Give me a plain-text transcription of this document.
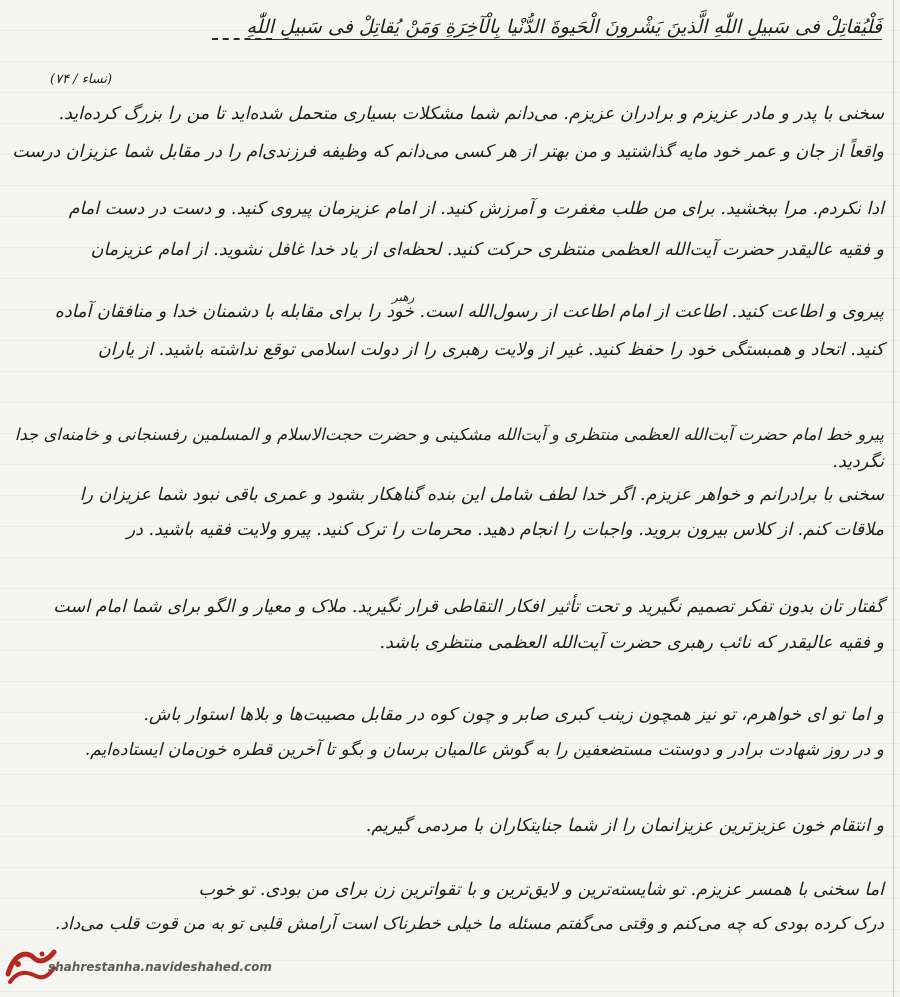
فَلْیُقاتِلْ فی سَبیلِ اللّٰهِ الَّذینَ یَشْرونَ الْحَیوةَ الدُّنْیا بِالْآخِرَةِ وَمَنْ یُقاتِلْ فی سَبیلِ اللّٰهِ
(نساء / ۷۴)
سخنی با پدر و مادر عزیزم و برادران عزیزم. می‌دانم شما مشکلات بسیاری متحمل شده‌اید تا من را بزرگ کرده‌اید.
واقعاً از جان و عمر خود مایه گذاشتید و من بهتر از هر کسی می‌دانم که وظیفه فرزندی‌ام را در مقابل شما عزیزان درست
ادا نکردم. مرا ببخشید. برای من طلب مغفرت و آمرزش کنید. از امام عزیزمان پیروی کنید. و دست در دست امام
و فقیه عالیقدر حضرت آیت‌الله العظمی منتظری حرکت کنید. لحظه‌ای از یاد خدا غافل نشوید. از امام عزیزمان
رهبر
پیروی و اطاعت کنید. اطاعت از امام اطاعت از رسول‌الله است. خود را برای مقابله با دشمنان خدا و منافقان آماده
کنید. اتحاد و همبستگی خود را حفظ کنید. غیر از ولایت رهبری را از دولت اسلامی توقع نداشته باشید. از یاران
پیرو خط امام حضرت آیت‌الله العظمی منتظری و آیت‌الله مشکینی و حضرت حجت‌الاسلام و المسلمین رفسنجانی و خامنه‌ای جدا
نگردید.
سخنی با برادرانم و خواهر عزیزم. اگر خدا لطف شامل این بنده گناهکار بشود و عمری باقی نبود شما عزیزان را
ملاقات کنم. از کلاس بیرون بروید. واجبات را انجام دهید. محرمات را ترک کنید. پیرو ولایت فقیه باشید. در
گفتار تان بدون تفکر تصمیم نگیرید و تحت تأثیر افکار التقاطی قرار نگیرید. ملاک و معیار و الگو برای شما امام است
و فقیه عالیقدر که نائب رهبری حضرت آیت‌الله العظمی منتظری باشد.
و اما تو ای خواهرم، تو نیز همچون زینب کبری صابر و چون کوه در مقابل مصیبت‌ها و بلاها استوار باش.
و در روز شهادت برادر و دوستت مستضعفین را به گوش عالمیان برسان و بگو تا آخرین قطره خون‌مان ایستاده‌ایم.
و انتقام خون عزیزترین عزیزانمان را از شما جنایتکاران با مردمی گیریم.
اما سخنی با همسر عزیزم. تو شایسته‌ترین و لایق‌ترین و با تقواترین زن برای من بودی. تو خوب
درک کرده بودی که چه می‌کنم و وقتی می‌گفتم مسئله ما خیلی خطرناک است آرامش قلبی تو به من قوت قلب می‌داد.
shahrestanha.navideshahed.com
